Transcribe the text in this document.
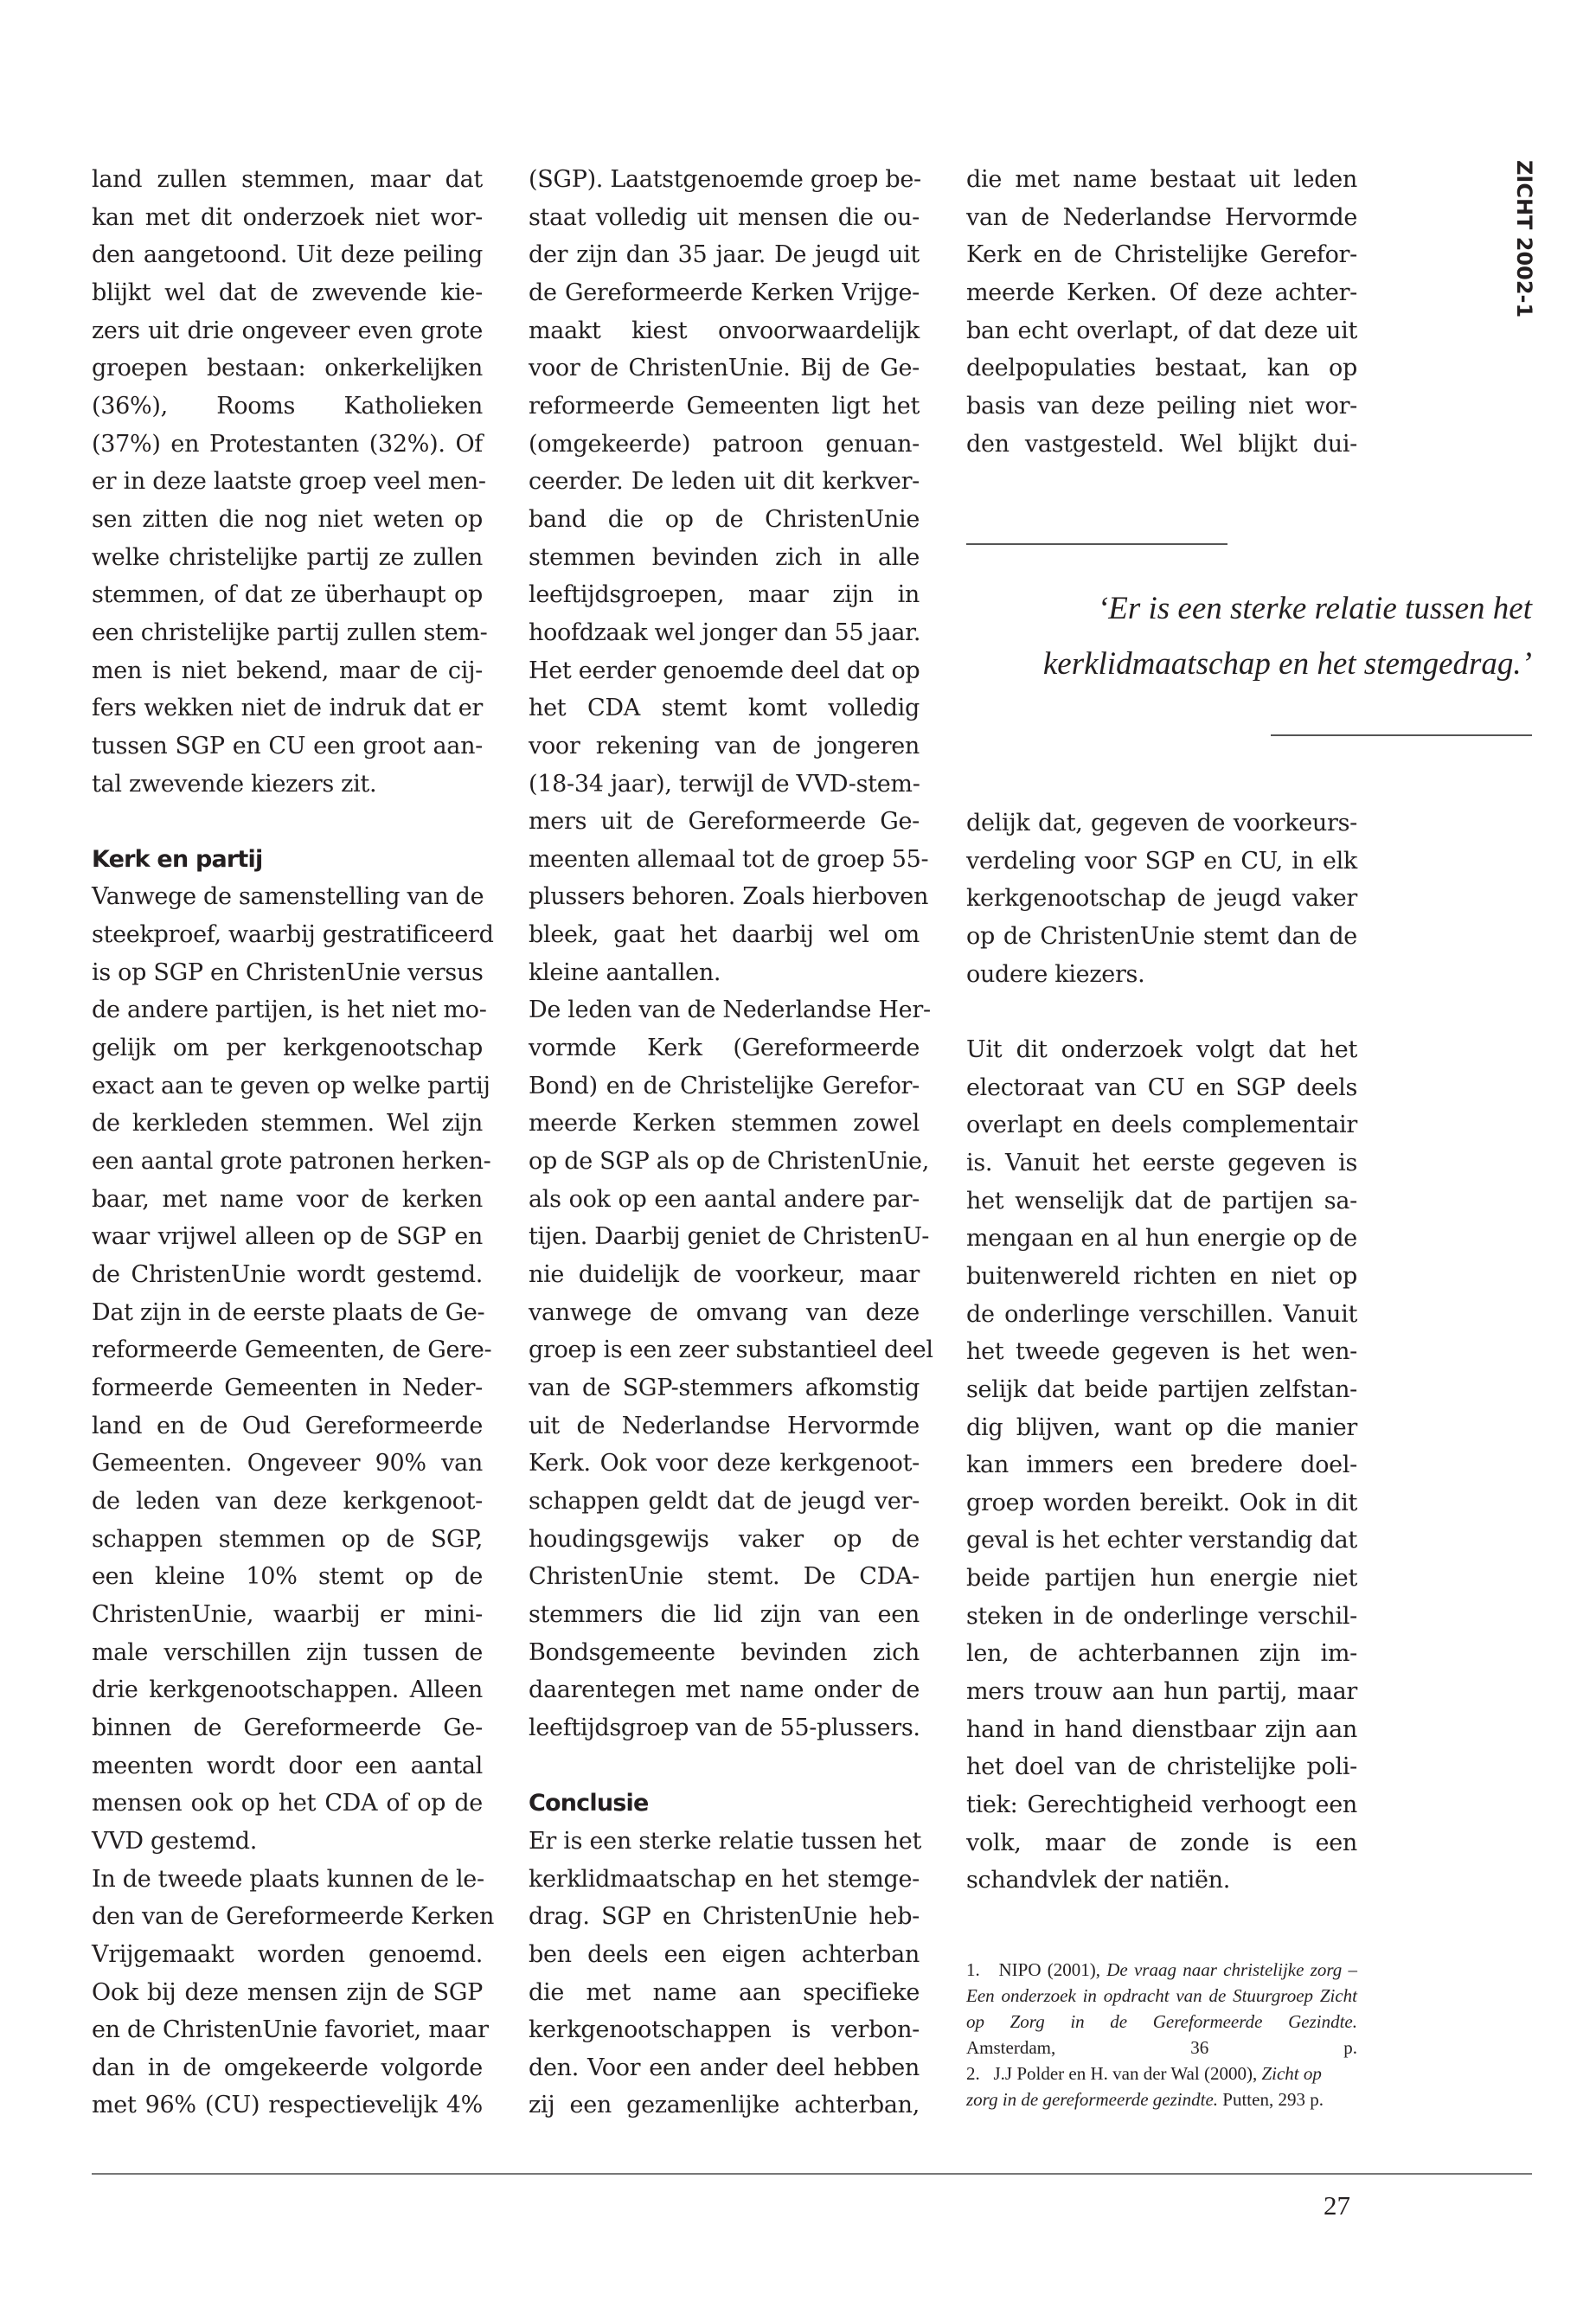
ZICHT 2002-1
land zullen stemmen, maar dat
kan met dit onderzoek niet wor-
den aangetoond. Uit deze peiling
blijkt wel dat de zwevende kie-
zers uit drie ongeveer even grote
groepen bestaan: onkerkelijken
(36%), Rooms Katholieken
(37%) en Protestanten (32%). Of
er in deze laatste groep veel men-
sen zitten die nog niet weten op
welke christelijke partij ze zullen
stemmen, of dat ze überhaupt op
een christelijke partij zullen stem-
men is niet bekend, maar de cij-
fers wekken niet de indruk dat er
tussen SGP en CU een groot aan-
tal zwevende kiezers zit.
Kerk en partij
Vanwege de samenstelling van de
steekproef, waarbij gestratificeerd
is op SGP en ChristenUnie versus
de andere partijen, is het niet mo-
gelijk om per kerkgenootschap
exact aan te geven op welke partij
de kerkleden stemmen. Wel zijn
een aantal grote patronen herken-
baar, met name voor de kerken
waar vrijwel alleen op de SGP en
de ChristenUnie wordt gestemd.
Dat zijn in de eerste plaats de Ge-
reformeerde Gemeenten, de Gere-
formeerde Gemeenten in Neder-
land en de Oud Gereformeerde
Gemeenten. Ongeveer 90% van
de leden van deze kerkgenoot-
schappen stemmen op de SGP,
een kleine 10% stemt op de
ChristenUnie, waarbij er mini-
male verschillen zijn tussen de
drie kerkgenootschappen. Alleen
binnen de Gereformeerde Ge-
meenten wordt door een aantal
mensen ook op het CDA of op de
VVD gestemd.
In de tweede plaats kunnen de le-
den van de Gereformeerde Kerken
Vrijgemaakt worden genoemd.
Ook bij deze mensen zijn de SGP
en de ChristenUnie favoriet, maar
dan in de omgekeerde volgorde
met 96% (CU) respectievelijk 4%
(SGP). Laatstgenoemde groep be-
staat volledig uit mensen die ou-
der zijn dan 35 jaar. De jeugd uit
de Gereformeerde Kerken Vrijge-
maakt kiest onvoorwaardelijk
voor de ChristenUnie. Bij de Ge-
reformeerde Gemeenten ligt het
(omgekeerde) patroon genuan-
ceerder. De leden uit dit kerkver-
band die op de ChristenUnie
stemmen bevinden zich in alle
leeftijdsgroepen, maar zijn in
hoofdzaak wel jonger dan 55 jaar.
Het eerder genoemde deel dat op
het CDA stemt komt volledig
voor rekening van de jongeren
(18-34 jaar), terwijl de VVD-stem-
mers uit de Gereformeerde Ge-
meenten allemaal tot de groep 55-
plussers behoren. Zoals hierboven
bleek, gaat het daarbij wel om
kleine aantallen.
De leden van de Nederlandse Her-
vormde Kerk (Gereformeerde
Bond) en de Christelijke Gerefor-
meerde Kerken stemmen zowel
op de SGP als op de ChristenUnie,
als ook op een aantal andere par-
tijen. Daarbij geniet de ChristenU-
nie duidelijk de voorkeur, maar
vanwege de omvang van deze
groep is een zeer substantieel deel
van de SGP-stemmers afkomstig
uit de Nederlandse Hervormde
Kerk. Ook voor deze kerkgenoot-
schappen geldt dat de jeugd ver-
houdingsgewijs vaker op de
ChristenUnie stemt. De CDA-
stemmers die lid zijn van een
Bondsgemeente bevinden zich
daarentegen met name onder de
leeftijdsgroep van de 55-plussers.
Conclusie
Er is een sterke relatie tussen het
kerklidmaatschap en het stemge-
drag. SGP en ChristenUnie heb-
ben deels een eigen achterban
die met name aan specifieke
kerkgenootschappen is verbon-
den. Voor een ander deel hebben
zij een gezamenlijke achterban,
die met name bestaat uit leden
van de Nederlandse Hervormde
Kerk en de Christelijke Gerefor-
meerde Kerken. Of deze achter-
ban echt overlapt, of dat deze uit
deelpopulaties bestaat, kan op
basis van deze peiling niet wor-
den vastgesteld. Wel blijkt dui-
‘Er is een sterke relatie tussen het
kerklidmaatschap en het stemgedrag.’
delijk dat, gegeven de voorkeurs-
verdeling voor SGP en CU, in elk
kerkgenootschap de jeugd vaker
op de ChristenUnie stemt dan de
oudere kiezers.
Uit dit onderzoek volgt dat het
electoraat van CU en SGP deels
overlapt en deels complementair
is. Vanuit het eerste gegeven is
het wenselijk dat de partijen sa-
mengaan en al hun energie op de
buitenwereld richten en niet op
de onderlinge verschillen. Vanuit
het tweede gegeven is het wen-
selijk dat beide partijen zelfstan-
dig blijven, want op die manier
kan immers een bredere doel-
groep worden bereikt. Ook in dit
geval is het echter verstandig dat
beide partijen hun energie niet
steken in de onderlinge verschil-
len, de achterbannen zijn im-
mers trouw aan hun partij, maar
hand in hand dienstbaar zijn aan
het doel van de christelijke poli-
tiek: Gerechtigheid verhoogt een
volk, maar de zonde is een
schandvlek der natiën.
1. NIPO (2001), De vraag naar christelijke zorg – Een onderzoek in opdracht van de Stuurgroep Zicht op Zorg in de Gereformeerde Gezindte. Amsterdam, 36 p.
2. J.J Polder en H. van der Wal (2000), Zicht op zorg in de gereformeerde gezindte. Putten, 293 p.
27
